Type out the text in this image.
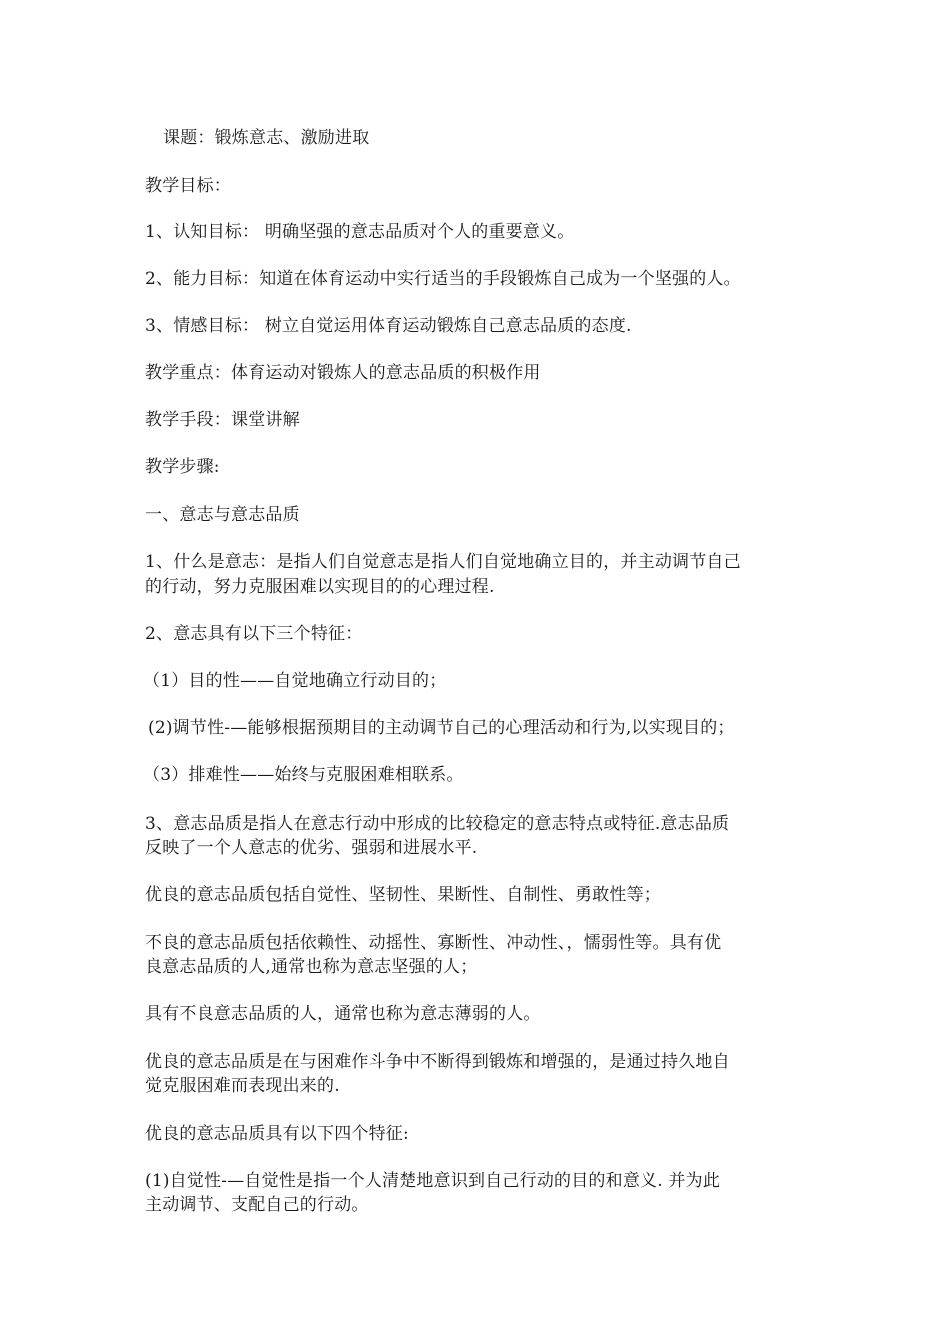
课题：锻炼意志、激励进取
教学目标：
1、认知目标： 明确坚强的意志品质对个人的重要意义。
2、能力目标：知道在体育运动中实行适当的手段锻炼自己成为一个坚强的人。
3、情感目标： 树立自觉运用体育运动锻炼自己意志品质的态度.
教学重点：体育运动对锻炼人的意志品质的积极作用
教学手段：课堂讲解
教学步骤:
一、意志与意志品质
1、什么是意志：是指人们自觉意志是指人们自觉地确立目的，并主动调节自己
的行动，努力克服困难以实现目的的心理过程.
2、意志具有以下三个特征：
（1）目的性——自觉地确立行动目的；
(2)调节性-—能够根据预期目的主动调节自己的心理活动和行为,以实现目的；
（3）排难性——始终与克服困难相联系。
3、意志品质是指人在意志行动中形成的比较稳定的意志特点或特征.意志品质
反映了一个人意志的优劣、强弱和进展水平.
优良的意志品质包括自觉性、坚韧性、果断性、自制性、勇敢性等；
不良的意志品质包括依赖性、动摇性、寡断性、冲动性、，懦弱性等。具有优
良意志品质的人,通常也称为意志坚强的人；
具有不良意志品质的人，通常也称为意志薄弱的人。
优良的意志品质是在与困难作斗争中不断得到锻炼和增强的，是通过持久地自
觉克服困难而表现出来的.
优良的意志品质具有以下四个特征:
(1)自觉性-—自觉性是指一个人清楚地意识到自己行动的目的和意义. 并为此
主动调节、支配自己的行动。
